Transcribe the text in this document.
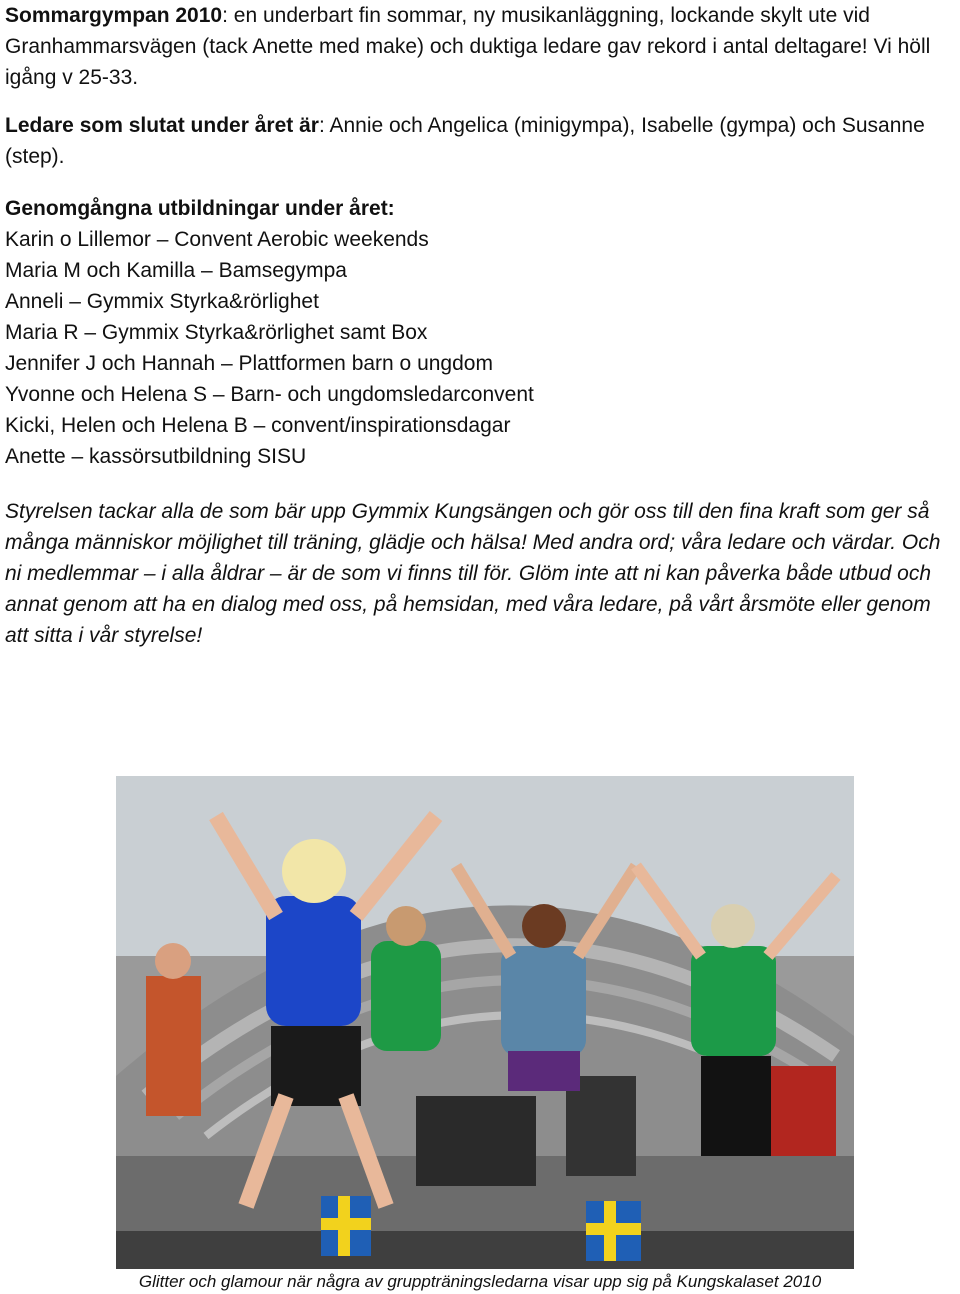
Sommargympan 2010: en underbart fin sommar, ny musikanläggning, lockande skylt ute vid Granhammarsvägen (tack Anette med make) och duktiga ledare gav rekord i antal deltagare! Vi höll igång v 25-33.

Ledare som slutat under året är: Annie och Angelica (minigympa), Isabelle (gympa) och Susanne (step).

Genomgångna utbildningar under året:
Karin o Lillemor – Convent Aerobic weekends
Maria M och Kamilla – Bamsegympa
Anneli – Gymmix Styrka&rörlighet
Maria R – Gymmix Styrka&rörlighet samt Box
Jennifer J och Hannah – Plattformen barn o ungdom
Yvonne och Helena S – Barn- och ungdomsledarconvent
Kicki, Helen och Helena B – convent/inspirationsdagar
Anette – kassörsutbildning SISU

Styrelsen tackar alla de som bär upp Gymmix Kungsängen och gör oss till den fina kraft som ger så många människor möjlighet till träning, glädje och hälsa! Med andra ord; våra ledare och värdar. Och ni medlemmar – i alla åldrar – är de som vi finns till för. Glöm inte att ni kan påverka både utbud och annat genom att ha en dialog med oss, på hemsidan, med våra ledare, på vårt årsmöte eller genom att sitta i vår styrelse!

Glitter och glamour när några av gruppträningsledarna visar upp sig på Kungskalaset 2010
